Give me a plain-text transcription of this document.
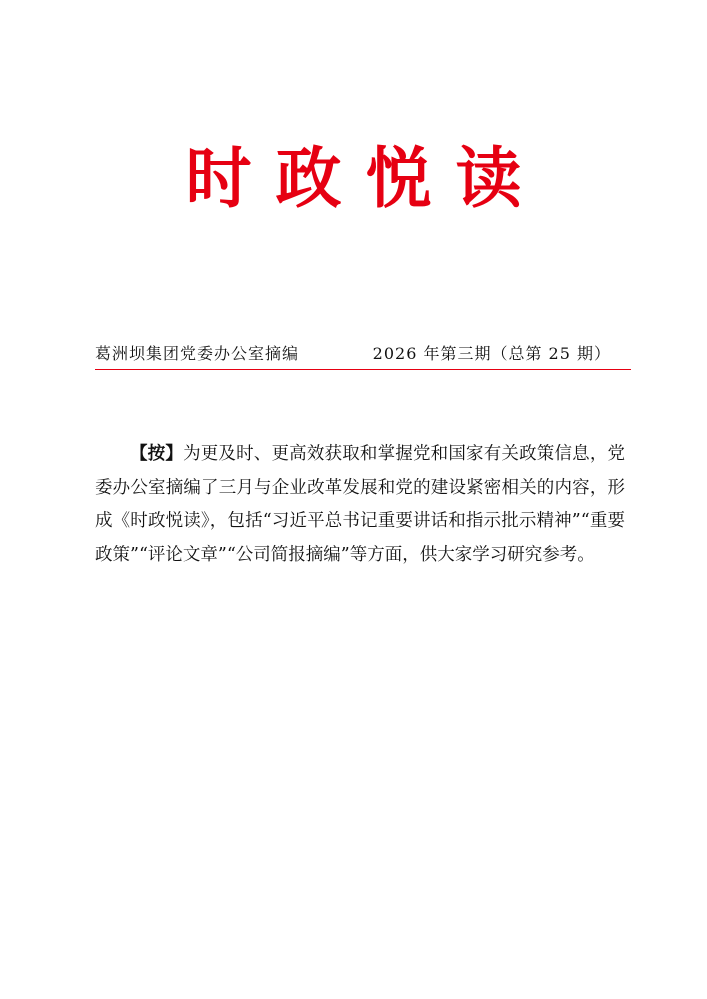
时政悦读
葛洲坝集团党委办公室摘编	2026 年第三期（总第 25 期）

【按】为更及时、更高效获取和掌握党和国家有关政策信息，党委办公室摘编了三月与企业改革发展和党的建设紧密相关的内容，形成《时政悦读》，包括“习近平总书记重要讲话和指示批示精神”“重要政策”“评论文章”“公司简报摘编”等方面，供大家学习研究参考。
